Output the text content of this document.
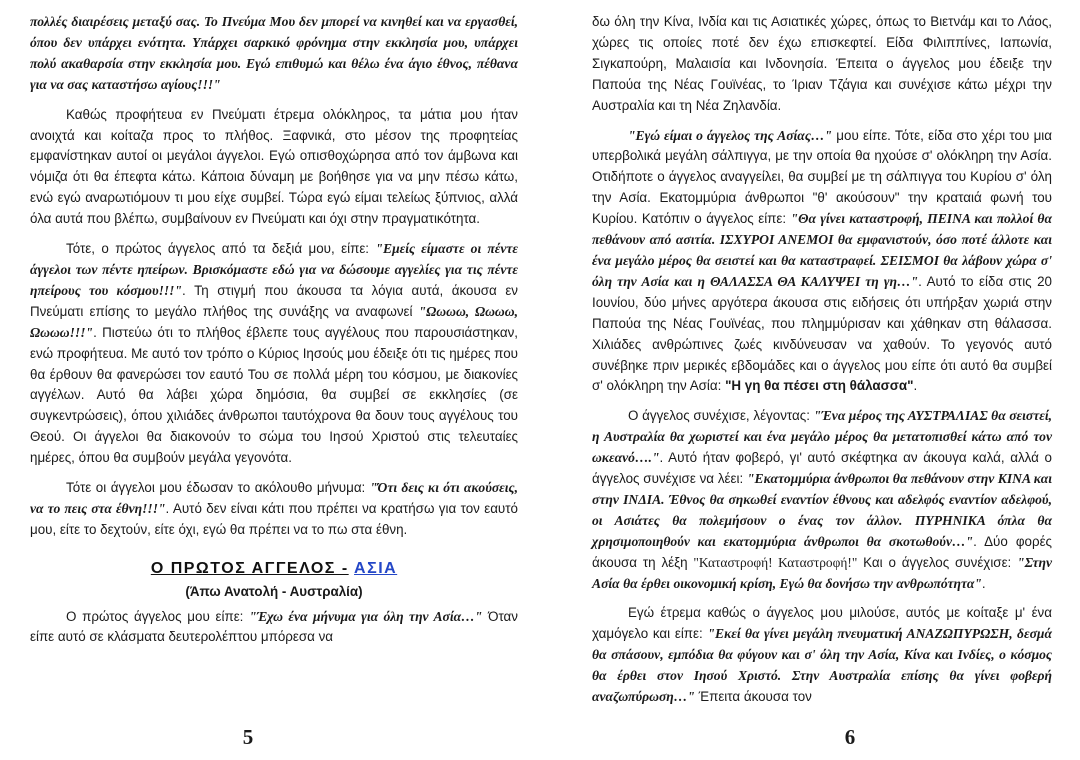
πολλές διαιρέσεις μεταξύ σας. Το Πνεύμα Μου δεν μπορεί να κινηθεί και να εργασθεί, όπου δεν υπάρχει ενότητα. Υπάρχει σαρκικό φρόνημα στην εκκλησία μου, υπάρχει πολύ ακαθαρσία στην εκκλησία μου. Εγώ επιθυμώ και θέλω ένα άγιο έθνος, πέθανα για να σας καταστήσω αγίους!!!"

Καθώς προφήτευα εν Πνεύματι έτρεμα ολόκληρος, τα μάτια μου ήταν ανοιχτά και κοίταζα προς το πλήθος. Ξαφνικά, στο μέσον της προφητείας εμφανίστηκαν αυτοί οι μεγάλοι άγγελοι. Εγώ οπισθοχώρησα από τον άμβωνα και νόμιζα ότι θα έπεφτα κάτω. Κάποια δύναμη με βοήθησε για να μην πέσω κάτω, ενώ εγώ αναρωτιόμουν τι μου είχε συμβεί. Τώρα εγώ είμαι τελείως ξύπνιος, αλλά όλα αυτά που βλέπω, συμβαίνουν εν Πνεύματι και όχι στην πραγματικότητα.

Τότε, ο πρώτος άγγελος από τα δεξιά μου, είπε: "Εμείς είμαστε οι πέντε άγγελοι των πέντε ηπείρων. Βρισκόμαστε εδώ για να δώσουμε αγγελίες για τις πέντε ηπείρους του κόσμου!!!". Τη στιγμή που άκουσα τα λόγια αυτά, άκουσα εν Πνεύματι επίσης το μεγάλο πλήθος της συνάξης να αναφωνεί "Ωωωω, Ωωωω, Ωωωω!!!". Πιστεύω ότι το πλήθος έβλεπε τους αγγέλους που παρουσιάστηκαν, ενώ προφήτευα. Με αυτό τον τρόπο ο Κύριος Ιησούς μου έδειξε ότι τις ημέρες που θα έρθουν θα φανερώσει τον εαυτό Του σε πολλά μέρη του κόσμου, με διακονίες αγγέλων. Αυτό θα λάβει χώρα δημόσια, θα συμβεί σε εκκλησίες (σε συγκεντρώσεις), όπου χιλιάδες άνθρωποι ταυτόχρονα θα δουν τους αγγέλους του Θεού. Οι άγγελοι θα διακονούν το σώμα του Ιησού Χριστού στις τελευταίες ημέρες, όπου θα συμβούν μεγάλα γεγονότα.

Τότε οι άγγελοι μου έδωσαν το ακόλουθο μήνυμα: "Ότι δεις κι ότι ακούσεις, να το πεις στα έθνη!!!". Αυτό δεν είναι κάτι που πρέπει να κρατήσω για τον εαυτό μου, είτε το δεχτούν, είτε όχι, εγώ θα πρέπει να το πω στα έθνη.

Ο ΠΡΩΤΟΣ ΑΓΓΕΛΟΣ - ΑΣΙΑ
(Άπω Ανατολή - Αυστραλία)

Ο πρώτος άγγελος μου είπε: "Έχω ένα μήνυμα για όλη την Ασία…" Όταν είπε αυτό σε κλάσματα δευτερολέπτου μπόρεσα να

5

δω όλη την Κίνα, Ινδία και τις Ασιατικές χώρες, όπως το Βιετνάμ και το Λάος, χώρες τις οποίες ποτέ δεν έχω επισκεφτεί. Είδα Φιλιππίνες, Ιαπωνία, Σιγκαπούρη, Μαλαισία και Ινδονησία. Έπειτα ο άγγελος μου έδειξε την Παπούα της Νέας Γουϊνέας, το Ίριαν Τζάγια και συνέχισε κάτω μέχρι την Αυστραλία και τη Νέα Ζηλανδία.

"Εγώ είμαι ο άγγελος της Ασίας…" μου είπε. Τότε, είδα στο χέρι του μια υπερβολικά μεγάλη σάλπιγγα, με την οποία θα ηχούσε σ' ολόκληρη την Ασία. Οτιδήποτε ο άγγελος αναγγείλει, θα συμβεί με τη σάλπιγγα του Κυρίου σ' όλη την Ασία. Εκατομμύρια άνθρωποι "θ' ακούσουν" την κραταιά φωνή του Κυρίου. Κατόπιν ο άγγελος είπε: "Θα γίνει καταστροφή, ΠΕΙΝΑ και πολλοί θα πεθάνουν από ασιτία. ΙΣΧΥΡΟΙ ΑΝΕΜΟΙ θα εμφανιστούν, όσο ποτέ άλλοτε και ένα μεγάλο μέρος θα σειστεί και θα καταστραφεί. ΣΕΙΣΜΟΙ θα λάβουν χώρα σ' όλη την Ασία και η ΘΑΛΑΣΣΑ ΘΑ ΚΑΛΥΨΕΙ τη γη…". Αυτό το είδα στις 20 Ιουνίου, δύο μήνες αργότερα άκουσα στις ειδήσεις ότι υπήρξαν χωριά στην Παπούα της Νέας Γουϊνέας, που πλημμύρισαν και χάθηκαν στη θάλασσα. Χιλιάδες ανθρώπινες ζωές κινδύνευσαν να χαθούν. Το γεγονός αυτό συνέβηκε πριν μερικές εβδομάδες και ο άγγελος μου είπε ότι αυτό θα συμβεί σ' ολόκληρη την Ασία: "Η γη θα πέσει στη θάλασσα".

Ο άγγελος συνέχισε, λέγοντας: "Ένα μέρος της ΑΥΣΤΡΑΛΙΑΣ θα σειστεί, η Αυστραλία θα χωριστεί και ένα μεγάλο μέρος θα μετατοπισθεί κάτω από τον ωκεανό….". Αυτό ήταν φοβερό, γι' αυτό σκέφτηκα αν άκουγα καλά, αλλά ο άγγελος συνέχισε να λέει: "Εκατομμύρια άνθρωποι θα πεθάνουν στην ΚΙΝΑ και στην ΙΝΔΙΑ. Έθνος θα σηκωθεί εναντίον έθνους και αδελφός εναντίον αδελφού, οι Ασιάτες θα πολεμήσουν ο ένας τον άλλον. ΠΥΡΗΝΙΚΑ όπλα θα χρησιμοποιηθούν και εκατομμύρια άνθρωποι θα σκοτωθούν…". Δύο φορές άκουσα τη λέξη "Καταστροφή! Καταστροφή!" Και ο άγγελος συνέχισε: "Στην Ασία θα έρθει οικονομική κρίση, Εγώ θα δονήσω την ανθρωπότητα".

Εγώ έτρεμα καθώς ο άγγελος μου μιλούσε, αυτός με κοίταξε μ' ένα χαμόγελο και είπε: "Εκεί θα γίνει μεγάλη πνευματική ΑΝΑΖΩΠΥΡΩΣΗ, δεσμά θα σπάσουν, εμπόδια θα φύγουν και σ' όλη την Ασία, Κίνα και Ινδίες, ο κόσμος θα έρθει στον Ιησού Χριστό. Στην Αυστραλία επίσης θα γίνει φοβερή αναζωπύρωση…" Έπειτα άκουσα τον

6
